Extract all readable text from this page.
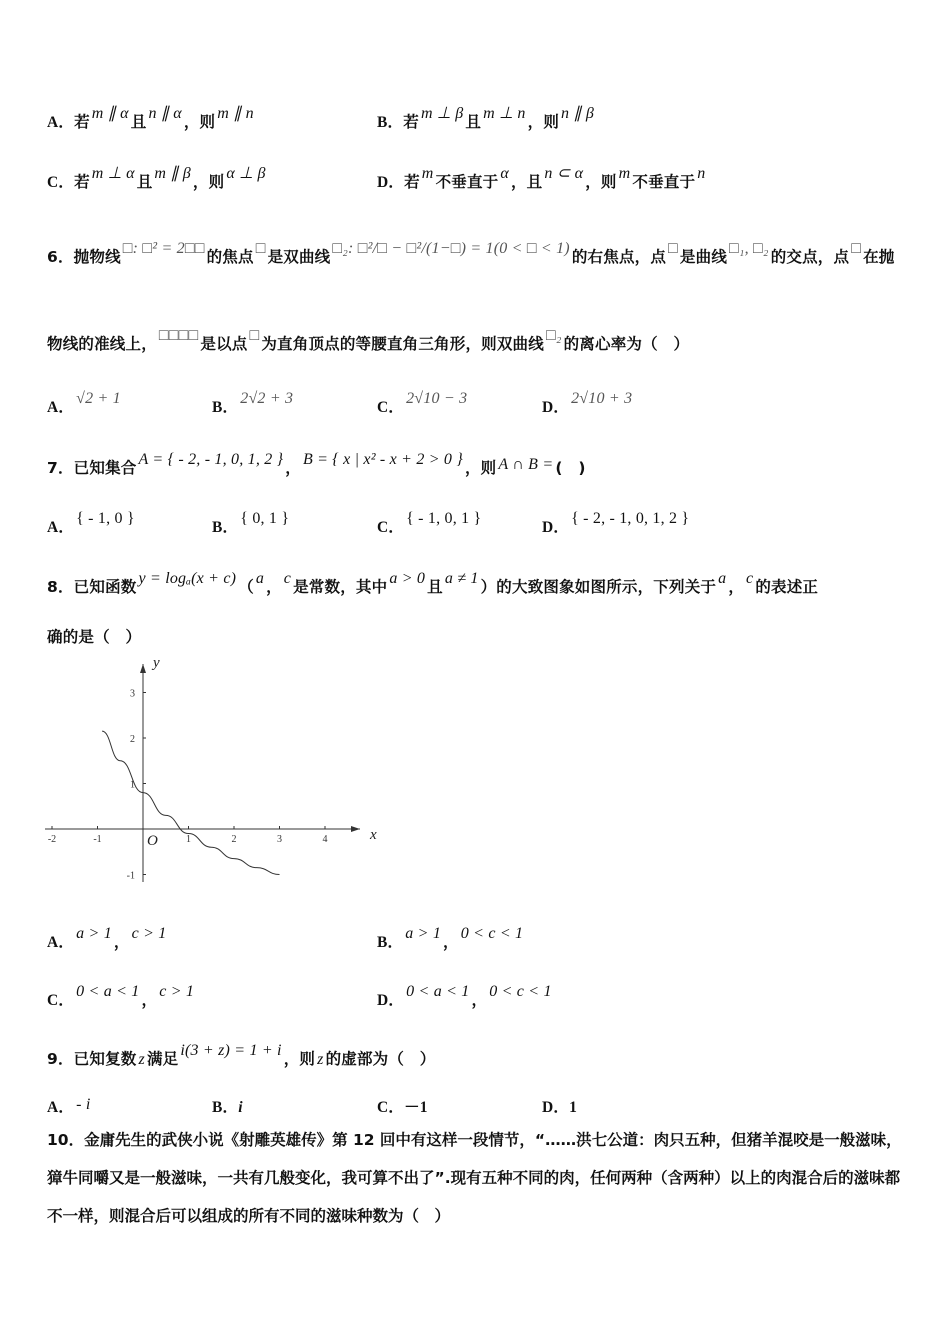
A．若 m ∥ α 且 n ∥ α ，则 m ∥ n
B．若 m ⊥ β 且 m ⊥ n ，则 n ∥ β
C．若 m ⊥ α 且 m ∥ β ，则 α ⊥ β
D．若 m 不垂直于 α ，且 n ⊂ α ，则 m 不垂直于 n
6．抛物线 □: □² = 2□□ 的焦点 □ 是双曲线 □₂: □²/□ − □²/(1−□) = 1(0 < □ < 1) 的右焦点，点 □ 是曲线 □₁, □₂ 的交点，点 □ 在抛
物线的准线上， □□□□ 是以点 □ 为直角顶点的等腰直角三角形，则双曲线 □₂ 的离心率为（　）
A．√2 + 1
B．2√2 + 3
C．2√10 − 3
D．2√10 + 3
7．已知集合 A = { - 2, - 1, 0, 1, 2 } ， B = { x | x² - x + 2 > 0 } ，则 A ∩ B = (　)
A．{ - 1, 0 }
B．{ 0, 1 }
C．{ - 1, 0, 1 }
D．{ - 2, - 1, 0, 1, 2 }
8．已知函数 y = logₐ(x + c) （ a ， c 是常数，其中 a > 0 且 a ≠ 1 ）的大致图象如图所示，下列关于 a ， c 的表述正
确的是（　）
-2	-1	1	2	3	4
3
2
1
-1
x
y
O
A．a > 1 ， c > 1
B．a > 1 ， 0 < c < 1
C．0 < a < 1 ， c > 1
D．0 < a < 1 ， 0 < c < 1
9．已知复数 z 满足 i(3 + z) = 1 + i ，则 z 的虚部为（　）
A． - i	B．i	C．－1	D．1
10．金庸先生的武侠小说《射雕英雄传》第 12 回中有这样一段情节，“……洪七公道：肉只五种，但猪羊混咬是一般滋味，獐牛同嚼又是一般滋味，一共有几般变化，我可算不出了”.现有五种不同的肉，任何两种（含两种）以上的肉混合后的滋味都不一样，则混合后可以组成的所有不同的滋味种数为（　）
